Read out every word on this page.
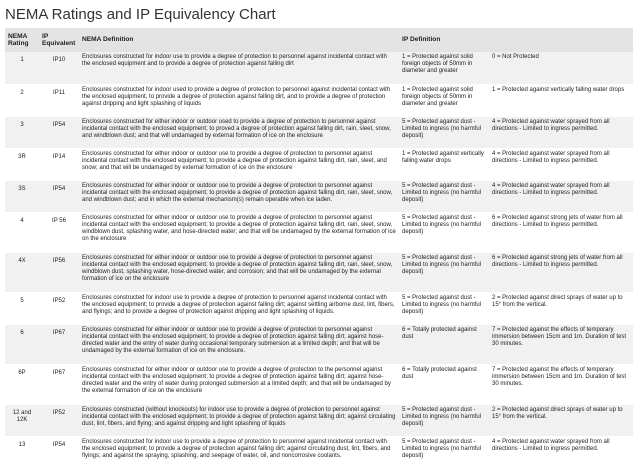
NEMA Ratings and IP Equivalency Chart
NEMA Rating	IP Equivalent	NEMA Definition	IP Definition	
1	IP10	Enclosures constructed for indoor use to provide a degree of protection to personnel against incidental contact with the enclosed equipment and to provide a degree of protection against falling dirt	1 = Protected against solid foreign objects of 50mm in diameter and greater	0 = Not Protected
2	IP11	Enclosures constructed for indoor used to provide a degree of protection to personnel against incidental contact with the enclosed equipment, to provide a degree of protection against falling dirt, and to provide a degree of protection against dripping and light splashing of liquids	1 = Protected against solid foreign objects of 50mm in diameter and greater	1 = Protected against vertically falling water drops
3	IP54	Enclosures constructed for either indoor or outdoor used to provide a degree of protection to personnel against incidental contact with the enclosed equipment; to proved a degree of protection against falling dirt, rain, sleet, snow, and windblown dust; and that will undamaged by external formation of ice on the enclosure	5 = Protected against dust - Limited to ingress (no harmful deposit)	4 = Protected against water sprayed from all directions - Limited to ingress permitted.
3R	IP14	Enclosures constructed for either indoor or outdoor use to provide a degree of protection to personnel against incidental contact with the enclosed equipment; to provide a degree of protection against falling dirt, rain, sleet, and snow; and that will be undamaged by external formation of ice on the enclosure	1 = Protected against vertically falling water drops	4 = Protected against water sprayed from all directions - Limited to ingress permitted.
3S	IP54	Enclosures constructed for either indoor or outdoor use to provide a degree of protection to personnel against incidental contact with the enclosed equipment; to provide a degree of protection against falling dirt, rain, sleet, snow, and windblown dust; and in which the external mechanism(s) remain operable when ice laden.	5 = Protected against dust - Limited to ingress (no harmful deposit)	4 = Protected against water sprayed from all directions - Limited to ingress permitted.
4	IP 56	Enclosures constructed for either indoor or outdoor use to provide a degree of protection to personnel against incidental contact with the enclosed equipment; to provide a degree of protection against falling dirt, rain, sleet, snow, windblown dust, splashing water, and hose-directed water; and that will be undamaged by the external formation of ice on the enclosure	5 = Protected against dust - Limited to ingress (no harmful deposit)	6 = Protected against strong jets of water from all directions - Limited to ingress permitted.
4X	IP56	Enclosures constructed for either indoor or outdoor use to provide a degree of protection to personnel against incidental contact with the enclosed equipment; to provide a degree of protection against falling dirt, rain, sleet, snow, windblown dust, splashing water, hose-directed water, and corrosion; and that will be undamaged by the external formation of ice on the enclosure	5 = Protected against dust - Limited to ingress (no harmful deposit)	6 = Protected against strong jets of water from all directions - Limited to ingress permitted.
5	IP52	Enclosures constructed for indoor use to provide a degree of protection to personnel against incidental contact with the enclosed equipment; to provide a degree of protection against falling dirt; against settling airborne dust, lint, fibers, and flyings; and to provide a degree of protection against dripping and light splashing of liquids.	5 = Protected against dust - Limited to ingress (no harmful deposit)	2 = Protected against direct sprays of water up to 15° from the vertical.
6	IP67	Enclosures constructed for either indoor or outdoor use to provide a degree of protection to personnel against incidental contact with the enclosed equipment; to provide a degree of protection against falling dirt; against hose-directed water and the entry of water during occasional temporary submersion at a limited depth; and that will be undamaged by the external formation of ice on the enclosure.	6 = Totally protected against dust	7 = Protected against the effects of temporary immersion between 15cm and 1m. Duration of test 30 minutes.
6P	IP67	Enclosures constructed for either indoor or outdoor use to provide a degree of protection to the personnel against incidental contact with the enclosed equipment; to provide a degree of protection against falling dirt; against hose-directed water and the entry of water during prolonged submersion at a limited depth; and that will be undamaged by the external formation of ice on the enclosure	6 = Totally protected against dust	7 = Protected against the effects of temporary immersion between 15cm and 1m. Duration of test 30 minutes.
12 and 12K	IP52	Enclosures constructed (without knockouts) for indoor use to provide a degree of protection to personnel against incidental contact with the enclosed equipment; to provide a degree of protection against falling dirt; against circulating dust, lint, fibers, and flying; and against dripping and light splashing of liquids	5 = Protected against dust - Limited to ingress (no harmful deposit)	2 = Protected against direct sprays of water up to 15° from the vertical.
13	IP54	Enclosures constructed for indoor use to provide a degree of protection to personnel against incidental contact with the enclosed equipment; to provide a degree of protection against falling dirt; against circulating dust, lint, fibers, and flyings; and against the spraying, splashing, and seepage of water, oil, and noncorrosive coolants.	5 = Protected against dust - Limited to ingress (no harmful deposit)	4 = Protected against water sprayed from all directions - Limited to ingress permitted.
